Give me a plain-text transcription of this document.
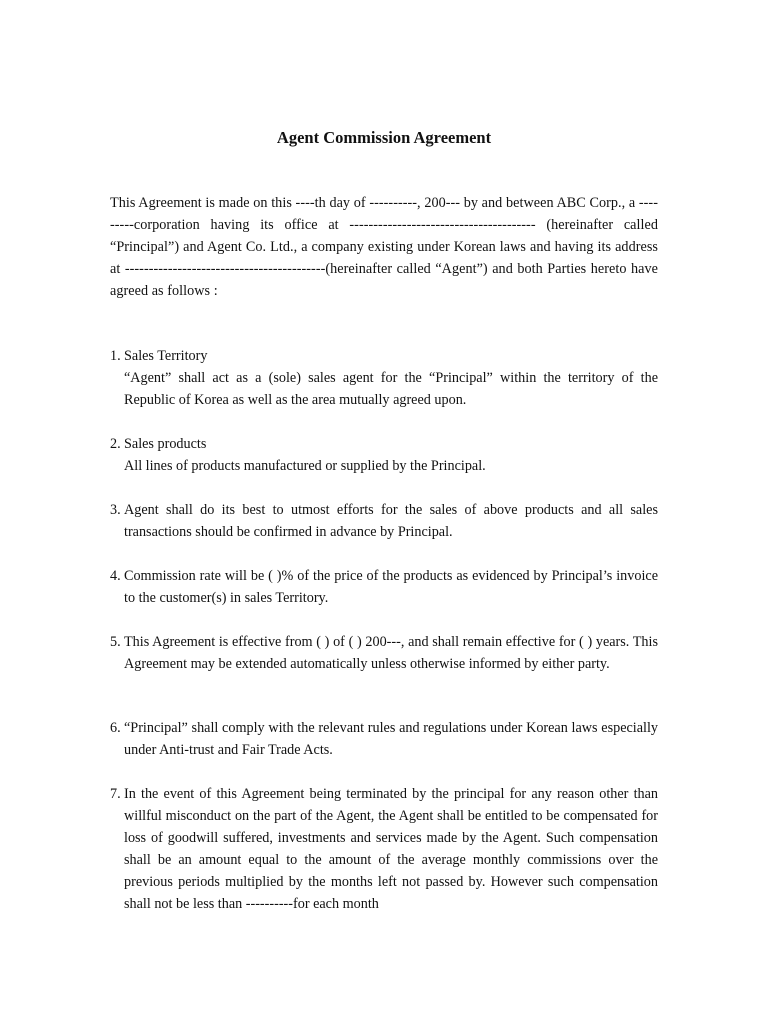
Agent Commission Agreement
This Agreement is made on this ----th day of ----------, 200--- by and between ABC Corp., a ---------corporation having its office at --------------------------------------- (hereinafter called “Principal”) and Agent Co. Ltd., a company existing under Korean laws and having its address at ------------------------------------------(hereinafter called “Agent”) and both Parties hereto have agreed as follows :
1. Sales Territory
“Agent” shall act as a (sole) sales agent for the “Principal” within the territory of the Republic of Korea as well as the area mutually agreed upon.
2. Sales products
All lines of products manufactured or supplied by the Principal.
3. Agent shall do its best to utmost efforts for the sales of above products and all sales transactions should be confirmed in advance by Principal.
4. Commission rate will be ( )% of the price of the products as evidenced by Principal’s invoice to the customer(s) in sales Territory.
5. This Agreement is effective from ( ) of ( ) 200---, and shall remain effective for ( ) years. This Agreement may be extended automatically unless otherwise informed by either party.
6. “Principal” shall comply with the relevant rules and regulations under Korean laws especially under Anti-trust and Fair Trade Acts.
7. In the event of this Agreement being terminated by the principal for any reason other than willful misconduct on the part of the Agent, the Agent shall be entitled to be compensated for loss of goodwill suffered, investments and services made by the Agent. Such compensation shall be an amount equal to the amount of the average monthly commissions over the previous periods multiplied by the months left not passed by. However such compensation shall not be less than ----------for each month
